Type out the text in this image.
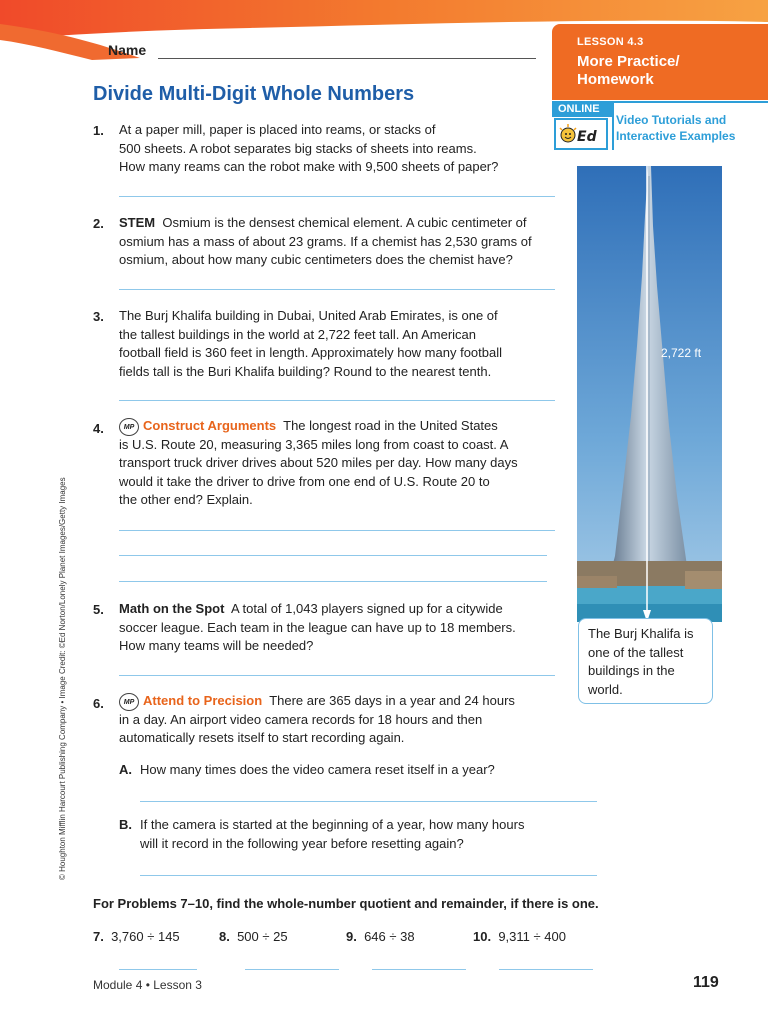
Name
Divide Multi-Digit Whole Numbers
LESSON 4.3
More Practice/ Homework
ONLINE
Ed
Video Tutorials and Interactive Examples
1. At a paper mill, paper is placed into reams, or stacks of
500 sheets. A robot separates big stacks of sheets into reams.
How many reams can the robot make with 9,500 sheets of paper?
2. STEM Osmium is the densest chemical element. A cubic centimeter of
osmium has a mass of about 23 grams. If a chemist has 2,530 grams of
osmium, about how many cubic centimeters does the chemist have?
3. The Burj Khalifa building in Dubai, United Arab Emirates, is one of
the tallest buildings in the world at 2,722 feet tall. An American
football field is 360 feet in length. Approximately how many football
fields tall is the Buri Khalifa building? Round to the nearest tenth.
4.	MP Construct Arguments The longest road in the United States
is U.S. Route 20, measuring 3,365 miles long from coast to coast. A
transport truck driver drives about 520 miles per day. How many days
would it take the driver to drive from one end of U.S. Route 20 to
the other end? Explain.
5. Math on the Spot A total of 1,043 players signed up for a citywide
soccer league. Each team in the league can have up to 18 members.
How many teams will be needed?
6.	MP Attend to Precision There are 365 days in a year and 24 hours
in a day. An airport video camera records for 18 hours and then
automatically resets itself to start recording again.
A. How many times does the video camera reset itself in a year?
B. If the camera is started at the beginning of a year, how many hours
will it record in the following year before resetting again?
For Problems 7–10, find the whole-number quotient and remainder, if there is one.
7. 3,760 ÷ 145	8. 500 ÷ 25	9. 646 ÷ 38	10. 9,311 ÷ 400
© Houghton Mifflin Harcourt Publishing Company • Image Credit: ©Ed Norton/Lonely Planet Images/Getty Images
2,722 ft
The Burj Khalifa is one of the tallest buildings in the world.
Module 4 • Lesson 3	119
